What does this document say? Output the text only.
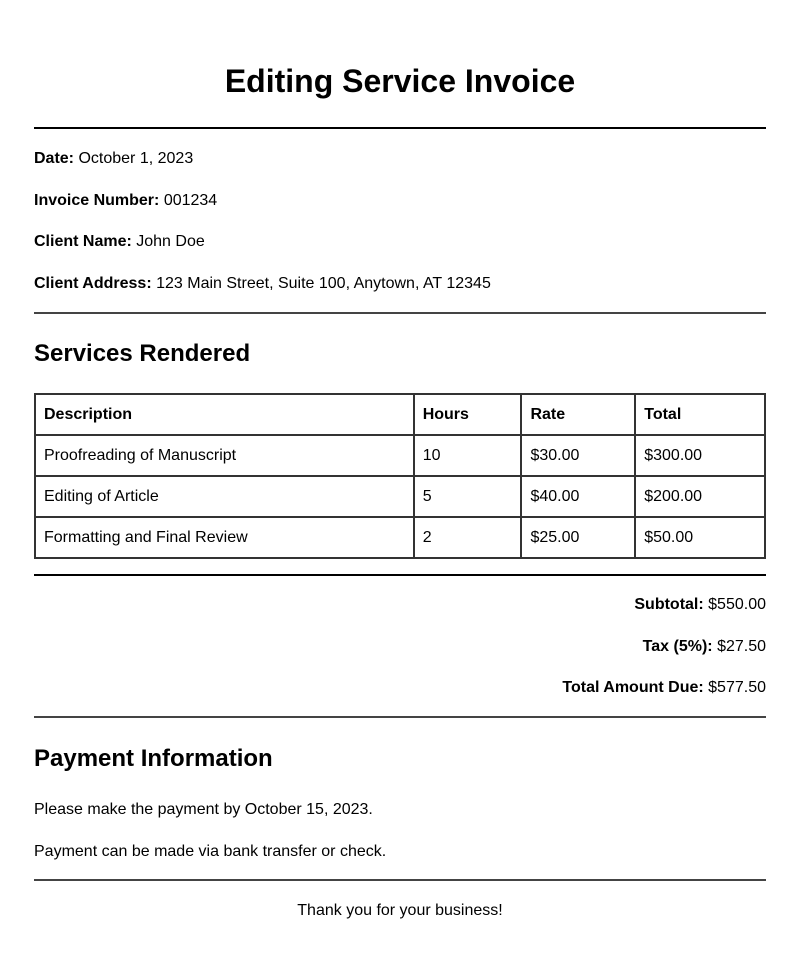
Editing Service Invoice

Date: October 1, 2023

Invoice Number: 001234

Client Name: John Doe

Client Address: 123 Main Street, Suite 100, Anytown, AT 12345

Services Rendered
Description	Hours	Rate	Total
Proofreading of Manuscript	10	$30.00	$300.00
Editing of Article	5	$40.00	$200.00
Formatting and Final Review	2	$25.00	$50.00
Subtotal: $550.00
Tax (5%): $27.50
Total Amount Due: $577.50
Payment Information

Please make the payment by October 15, 2023.

Payment can be made via bank transfer or check.

Thank you for your business!
